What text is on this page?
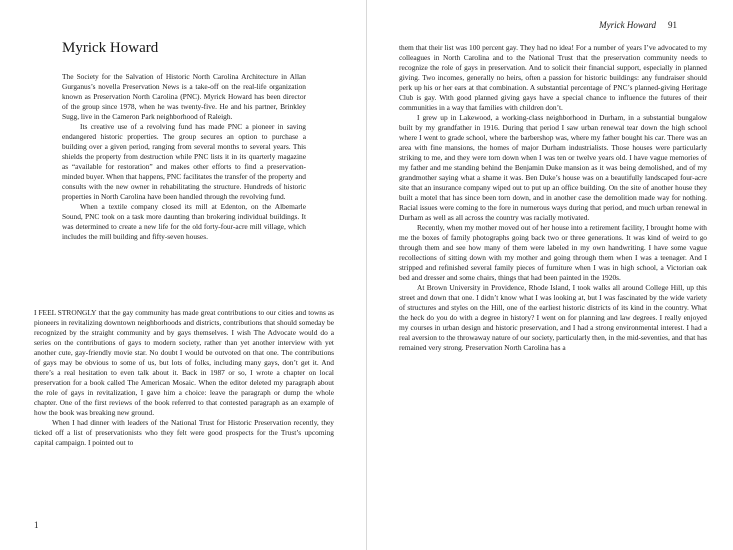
Myrick Howard

The Society for the Salvation of Historic North Carolina Architecture in Allan Gurganus’s novella Preservation News is a take-off on the real-life organization known as Preservation North Carolina (PNC). Myrick Howard has been director of the group since 1978, when he was twenty-five. He and his partner, Brinkley Sugg, live in the Cameron Park neighborhood of Raleigh.

Its creative use of a revolving fund has made PNC a pioneer in saving endangered historic properties. The group secures an option to purchase a building over a given period, ranging from several months to several years. This shields the property from destruction while PNC lists it in its quarterly magazine as “available for restoration” and makes other efforts to find a preservation-minded buyer. When that happens, PNC facilitates the transfer of the property and consults with the new owner in rehabilitating the structure. Hundreds of historic properties in North Carolina have been handled through the revolving fund.

When a textile company closed its mill at Edenton, on the Albemarle Sound, PNC took on a task more daunting than brokering individual buildings. It was determined to create a new life for the old forty-four-acre mill village, which includes the mill building and fifty-seven houses.

I FEEL STRONGLY that the gay community has made great contributions to our cities and towns as pioneers in revitalizing downtown neighborhoods and districts, contributions that should someday be recognized by the straight community and by gays themselves. I wish The Advocate would do a series on the contributions of gays to modern society, rather than yet another interview with yet another cute, gay-friendly movie star. No doubt I would be outvoted on that one. The contributions of gays may be obvious to some of us, but lots of folks, including many gays, don’t get it. And there’s a real hesitation to even talk about it. Back in 1987 or so, I wrote a chapter on local preservation for a book called The American Mosaic. When the editor deleted my paragraph about the role of gays in revitalization, I gave him a choice: leave the paragraph or dump the whole chapter. One of the first reviews of the book referred to that contested paragraph as an example of how the book was breaking new ground.

When I had dinner with leaders of the National Trust for Historic Preservation recently, they ticked off a list of preservationists who they felt were good prospects for the Trust’s upcoming capital campaign. I pointed out to

1
Myrick Howard 91

them that their list was 100 percent gay. They had no idea! For a number of years I’ve advocated to my colleagues in North Carolina and to the National Trust that the preservation community needs to recognize the role of gays in preservation. And to solicit their financial support, especially in planned giving. Two incomes, generally no heirs, often a passion for historic buildings: any fundraiser should perk up his or her ears at that combination. A substantial percentage of PNC’s planned-giving Heritage Club is gay. With good planned giving gays have a special chance to influence the futures of their communities in a way that families with children don’t.

I grew up in Lakewood, a working-class neighborhood in Durham, in a substantial bungalow built by my grandfather in 1916. During that period I saw urban renewal tear down the high school where I went to grade school, where the barbershop was, where my father bought his car. There was an area with fine mansions, the homes of major Durham industrialists. Those houses were particularly striking to me, and they were torn down when I was ten or twelve years old. I have vague memories of my father and me standing behind the Benjamin Duke mansion as it was being demolished, and of my grandmother saying what a shame it was. Ben Duke’s house was on a beautifully landscaped four-acre site that an insurance company wiped out to put up an office building. On the site of another house they built a motel that has since been torn down, and in another case the demolition made way for nothing. Racial issues were coming to the fore in numerous ways during that period, and much urban renewal in Durham as well as all across the country was racially motivated.

Recently, when my mother moved out of her house into a retirement facility, I brought home with me the boxes of family photographs going back two or three generations. It was kind of weird to go through them and see how many of them were labeled in my own handwriting. I have some vague recollections of sitting down with my mother and going through them when I was a teenager. And I stripped and refinished several family pieces of furniture when I was in high school, a Victorian oak bed and dresser and some chairs, things that had been painted in the 1920s.

At Brown University in Providence, Rhode Island, I took walks all around College Hill, up this street and down that one. I didn’t know what I was looking at, but I was fascinated by the wide variety of structures and styles on the Hill, one of the earliest historic districts of its kind in the country. What the heck do you do with a degree in history? I went on for planning and law degrees. I really enjoyed my courses in urban design and historic preservation, and I had a strong environmental interest. I had a real aversion to the throwaway nature of our society, particularly then, in the mid-seventies, and that has remained very strong. Preservation North Carolina has a
